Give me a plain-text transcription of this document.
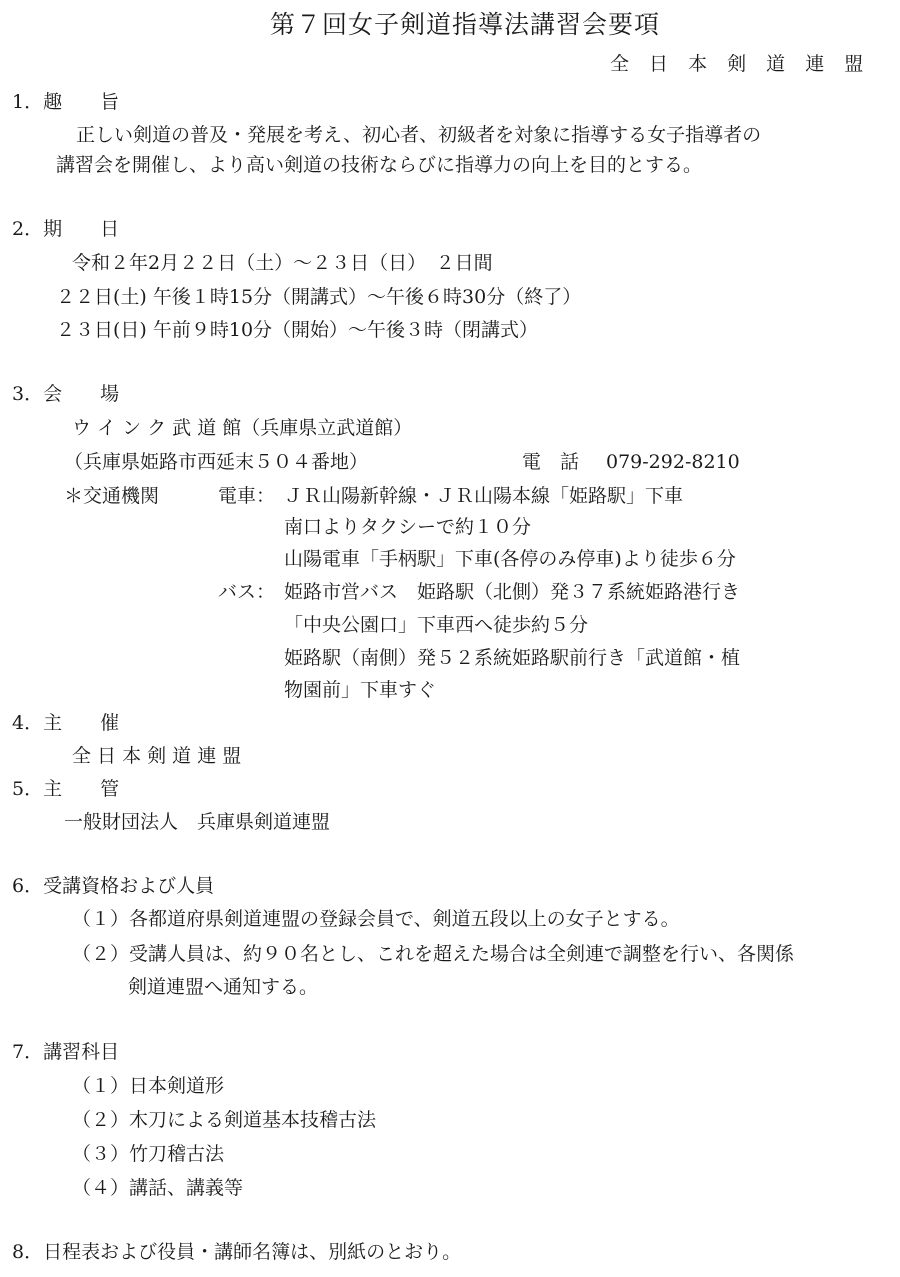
第７回女子剣道指導法講習会要項
全 日 本 剣 道 連 盟
1．趣　　旨
正しい剣道の普及・発展を考え、初心者、初級者を対象に指導する女子指導者の
講習会を開催し、より高い剣道の技術ならびに指導力の向上を目的とする。
2．期　　日
令和２年2月２２日（土）～２３日（日）　２日間
２２日(土) 午後１時15分（開講式）～午後６時30分（終了）
２３日(日) 午前９時10分（開始）～午後３時（閉講式）
3．会　　場
ウ イ ン ク 武 道 館（兵庫県立武道館）
（兵庫県姫路市西延末５０４番地）	電　話 079-292-8210
＊交通機関	電車： ＪＲ山陽新幹線・ＪＲ山陽本線「姫路駅」下車
南口よりタクシーで約１０分
山陽電車「手柄駅」下車(各停のみ停車)より徒歩６分
バス： 姫路市営バス　姫路駅（北側）発３７系統姫路港行き
「中央公園口」下車西へ徒歩約５分
姫路駅（南側）発５２系統姫路駅前行き「武道館・植
物園前」下車すぐ
4．主　　催
全 日 本 剣 道 連 盟
5．主　　管
一般財団法人　兵庫県剣道連盟
6．受講資格および人員
（１）各都道府県剣道連盟の登録会員で、剣道五段以上の女子とする。
（２）受講人員は、約９０名とし、これを超えた場合は全剣連で調整を行い、各関係
剣道連盟へ通知する。
7．講習科目
（１）日本剣道形
（２）木刀による剣道基本技稽古法
（３）竹刀稽古法
（４）講話、講義等
8．日程表および役員・講師名簿は、別紙のとおり。
